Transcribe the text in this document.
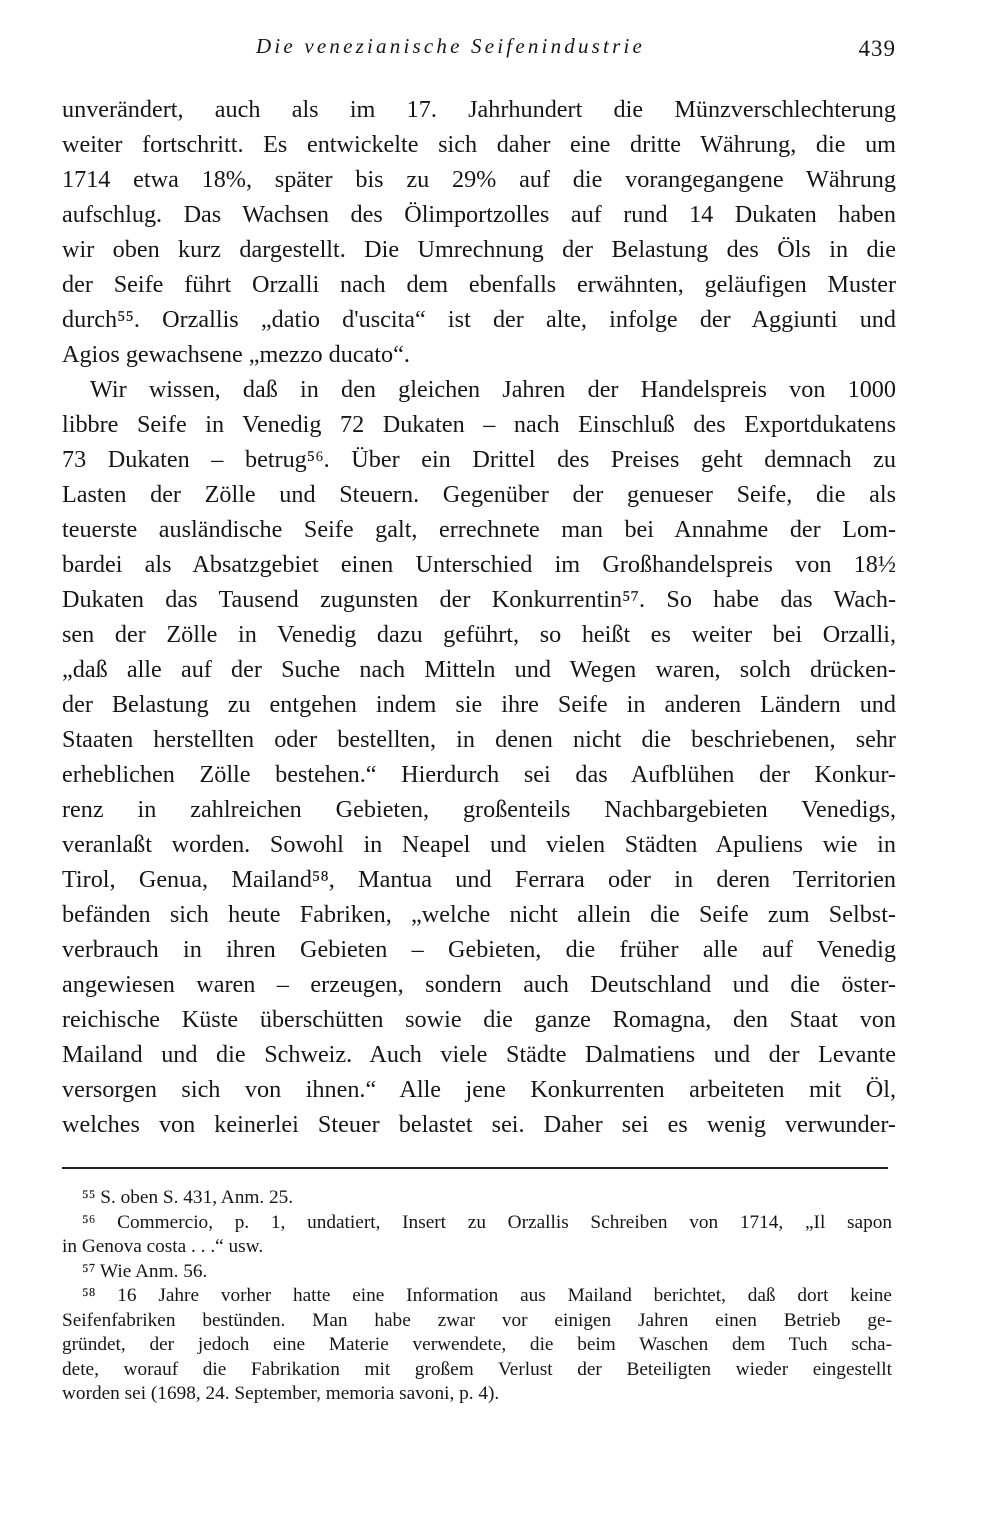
Die venezianische Seifenindustrie	439
unverändert, auch als im 17. Jahrhundert die Münzverschlechterung
weiter fortschritt. Es entwickelte sich daher eine dritte Währung, die um
1714 etwa 18%, später bis zu 29% auf die vorangegangene Währung
aufschlug. Das Wachsen des Ölimportzolles auf rund 14 Dukaten haben
wir oben kurz dargestellt. Die Umrechnung der Belastung des Öls in die
der Seife führt Orzalli nach dem ebenfalls erwähnten, geläufigen Muster
durch⁵⁵. Orzallis „datio d'uscita“ ist der alte, infolge der Aggiunti und
Agios gewachsene „mezzo ducato“.
Wir wissen, daß in den gleichen Jahren der Handelspreis von 1000
libbre Seife in Venedig 72 Dukaten – nach Einschluß des Exportdukatens
73 Dukaten – betrug⁵⁶. Über ein Drittel des Preises geht demnach zu
Lasten der Zölle und Steuern. Gegenüber der genueser Seife, die als
teuerste ausländische Seife galt, errechnete man bei Annahme der Lom-
bardei als Absatzgebiet einen Unterschied im Großhandelspreis von 18½
Dukaten das Tausend zugunsten der Konkurrentin⁵⁷. So habe das Wach-
sen der Zölle in Venedig dazu geführt, so heißt es weiter bei Orzalli,
„daß alle auf der Suche nach Mitteln und Wegen waren, solch drücken-
der Belastung zu entgehen indem sie ihre Seife in anderen Ländern und
Staaten herstellten oder bestellten, in denen nicht die beschriebenen, sehr
erheblichen Zölle bestehen.“ Hierdurch sei das Aufblühen der Konkur-
renz in zahlreichen Gebieten, großenteils Nachbargebieten Venedigs,
veranlaßt worden. Sowohl in Neapel und vielen Städten Apuliens wie in
Tirol, Genua, Mailand⁵⁸, Mantua und Ferrara oder in deren Territorien
befänden sich heute Fabriken, „welche nicht allein die Seife zum Selbst-
verbrauch in ihren Gebieten – Gebieten, die früher alle auf Venedig
angewiesen waren – erzeugen, sondern auch Deutschland und die öster-
reichische Küste überschütten sowie die ganze Romagna, den Staat von
Mailand und die Schweiz. Auch viele Städte Dalmatiens und der Levante
versorgen sich von ihnen.“ Alle jene Konkurrenten arbeiteten mit Öl,
welches von keinerlei Steuer belastet sei. Daher sei es wenig verwunder-
⁵⁵ S. oben S. 431, Anm. 25.
⁵⁶ Commercio, p. 1, undatiert, Insert zu Orzallis Schreiben von 1714, „Il sapon
in Genova costa . . .“ usw.
⁵⁷ Wie Anm. 56.
⁵⁸ 16 Jahre vorher hatte eine Information aus Mailand berichtet, daß dort keine
Seifenfabriken bestünden. Man habe zwar vor einigen Jahren einen Betrieb ge-
gründet, der jedoch eine Materie verwendete, die beim Waschen dem Tuch scha-
dete, worauf die Fabrikation mit großem Verlust der Beteiligten wieder eingestellt
worden sei (1698, 24. September, memoria savoni, p. 4).
